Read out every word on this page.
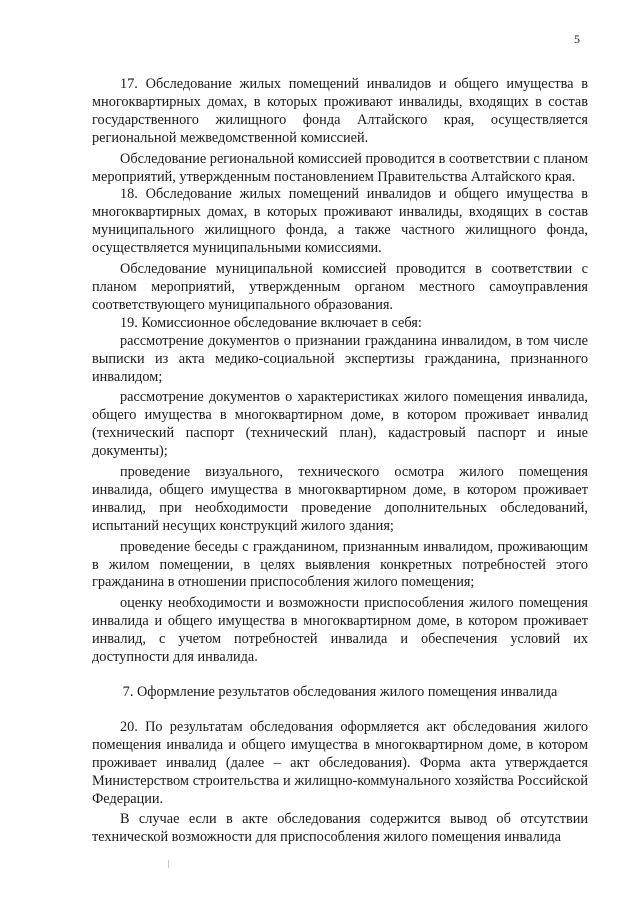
5

17. Обследование жилых помещений инвалидов и общего имущества в многоквартирных домах, в которых проживают инвалиды, входящих в состав государственного жилищного фонда Алтайского края, осуществляется региональной межведомственной комиссией.

Обследование региональной комиссией проводится в соответствии с планом мероприятий, утвержденным постановлением Правительства Алтайского края.

18. Обследование жилых помещений инвалидов и общего имущества в многоквартирных домах, в которых проживают инвалиды, входящих в состав муниципального жилищного фонда, а также частного жилищного фонда, осуществляется муниципальными комиссиями.

Обследование муниципальной комиссией проводится в соответствии с планом мероприятий, утвержденным органом местного самоуправления соответствующего муниципального образования.

19. Комиссионное обследование включает в себя:

рассмотрение документов о признании гражданина инвалидом, в том числе выписки из акта медико-социальной экспертизы гражданина, признанного инвалидом;

рассмотрение документов о характеристиках жилого помещения инвалида, общего имущества в многоквартирном доме, в котором проживает инвалид (технический паспорт (технический план), кадастровый паспорт и иные документы);

проведение визуального, технического осмотра жилого помещения инвалида, общего имущества в многоквартирном доме, в котором проживает инвалид, при необходимости проведение дополнительных обследований, испытаний несущих конструкций жилого здания;

проведение беседы с гражданином, признанным инвалидом, проживающим в жилом помещении, в целях выявления конкретных потребностей этого гражданина в отношении приспособления жилого помещения;

оценку необходимости и возможности приспособления жилого помещения инвалида и общего имущества в многоквартирном доме, в котором проживает инвалид, с учетом потребностей инвалида и обеспечения условий их доступности для инвалида.

7. Оформление результатов обследования жилого помещения инвалида

20. По результатам обследования оформляется акт обследования жилого помещения инвалида и общего имущества в многоквартирном доме, в котором проживает инвалид (далее – акт обследования). Форма акта утверждается Министерством строительства и жилищно-коммунального хозяйства Российской Федерации.

В случае если в акте обследования содержится вывод об отсутствии технической возможности для приспособления жилого помещения инвалида
